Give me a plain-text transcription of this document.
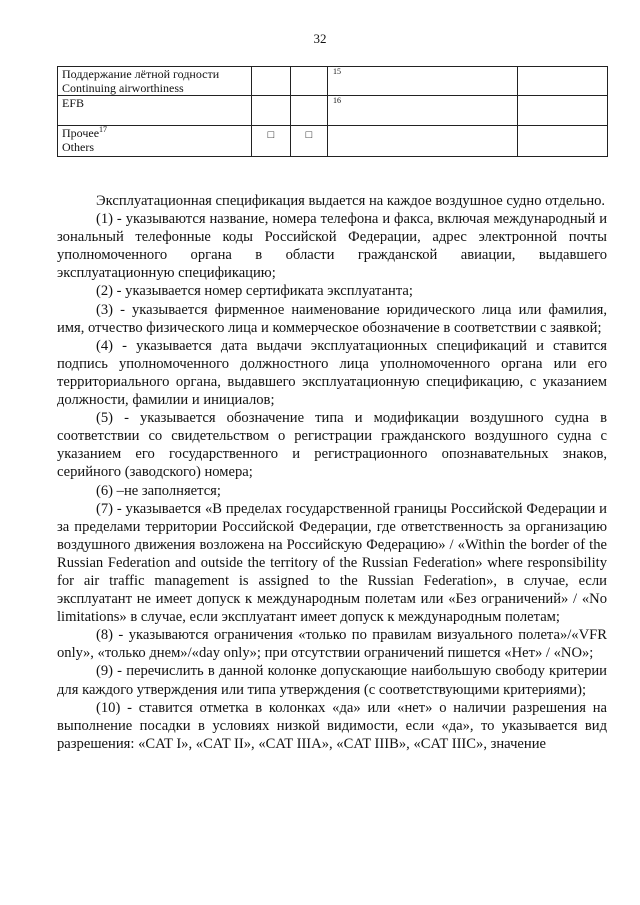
32
Поддержание лётной годности
Continuing airworthiness			15	

EFB			16	

Прочее$^{17}$
Others	□	□		

Эксплуатационная спецификация выдается на каждое воздушное судно отдельно.

(1) - указываются название, номера телефона и факса, включая международный и зональный телефонные коды Российской Федерации, адрес электронной почты уполномоченного органа в области гражданской авиации, выдавшего эксплуатационную спецификацию;

(2) - указывается номер сертификата эксплуатанта;

(3) - указывается фирменное наименование юридического лица или фамилия, имя, отчество физического лица и коммерческое обозначение в соответствии с заявкой;

(4) - указывается дата выдачи эксплуатационных спецификаций и ставится подпись уполномоченного должностного лица уполномоченного органа или его территориального органа, выдавшего эксплуатационную спецификацию, с указанием должности, фамилии и инициалов;

(5) - указывается обозначение типа и модификации воздушного судна в соответствии со свидетельством о регистрации гражданского воздушного судна с указанием его государственного и регистрационного опознавательных знаков, серийного (заводского) номера;

(6) –не заполняется;

(7) - указывается «В пределах государственной границы Российской Федерации и за пределами территории Российской Федерации, где ответственность за организацию воздушного движения возложена на Российскую Федерацию» / «Within the border of the Russian Federation and outside the territory of the Russian Federation» where responsibility for air traffic management is assigned to the Russian Federation», в случае, если эксплуатант не имеет допуск к международным полетам или «Без ограничений» / «No limitations» в случае, если эксплуатант имеет допуск к международным полетам;

(8) - указываются ограничения «только по правилам визуального полета»/«VFR only», «только днем»/«day only»; при отсутствии ограничений пишется «Нет» / «NO»;

(9) - перечислить в данной колонке допускающие наибольшую свободу критерии для каждого утверждения или типа утверждения (с соответствующими критериями);

(10) - ставится отметка в колонках «да» или «нет» о наличии разрешения на выполнение посадки в условиях низкой видимости, если «да», то указывается вид разрешения: «CAT I», «CAT II», «CAT IIIA», «CAT IIIB», «CAT IIIC», значение
